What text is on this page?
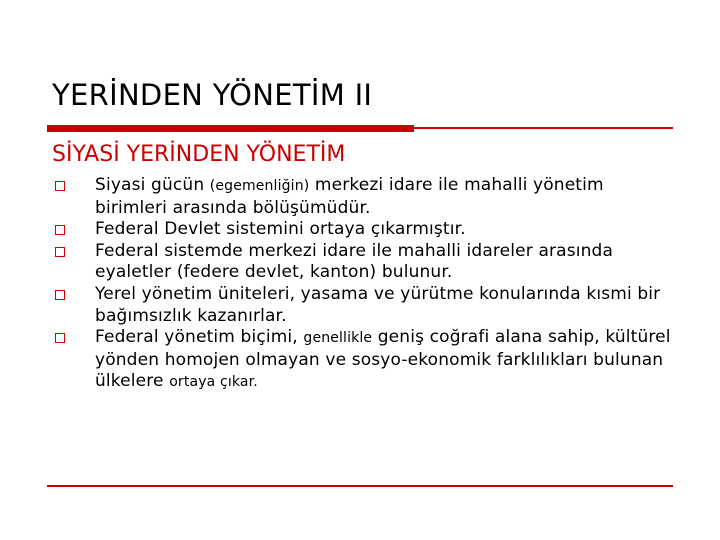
YERİNDEN YÖNETİM II
SİYASİ YERİNDEN YÖNETİM
Siyasi gücün (egemenliğin) merkezi idare ile mahalli yönetim birimleri arasında bölüşümüdür.
Federal Devlet sistemini ortaya çıkarmıştır.
Federal sistemde merkezi idare ile mahalli idareler arasında eyaletler (federe devlet, kanton) bulunur.
Yerel yönetim üniteleri, yasama ve yürütme konularında kısmi bir bağımsızlık kazanırlar.
Federal yönetim biçimi, genellikle geniş coğrafi alana sahip, kültürel yönden homojen olmayan ve sosyo-ekonomik farklılıkları bulunan ülkelere ortaya çıkar.
